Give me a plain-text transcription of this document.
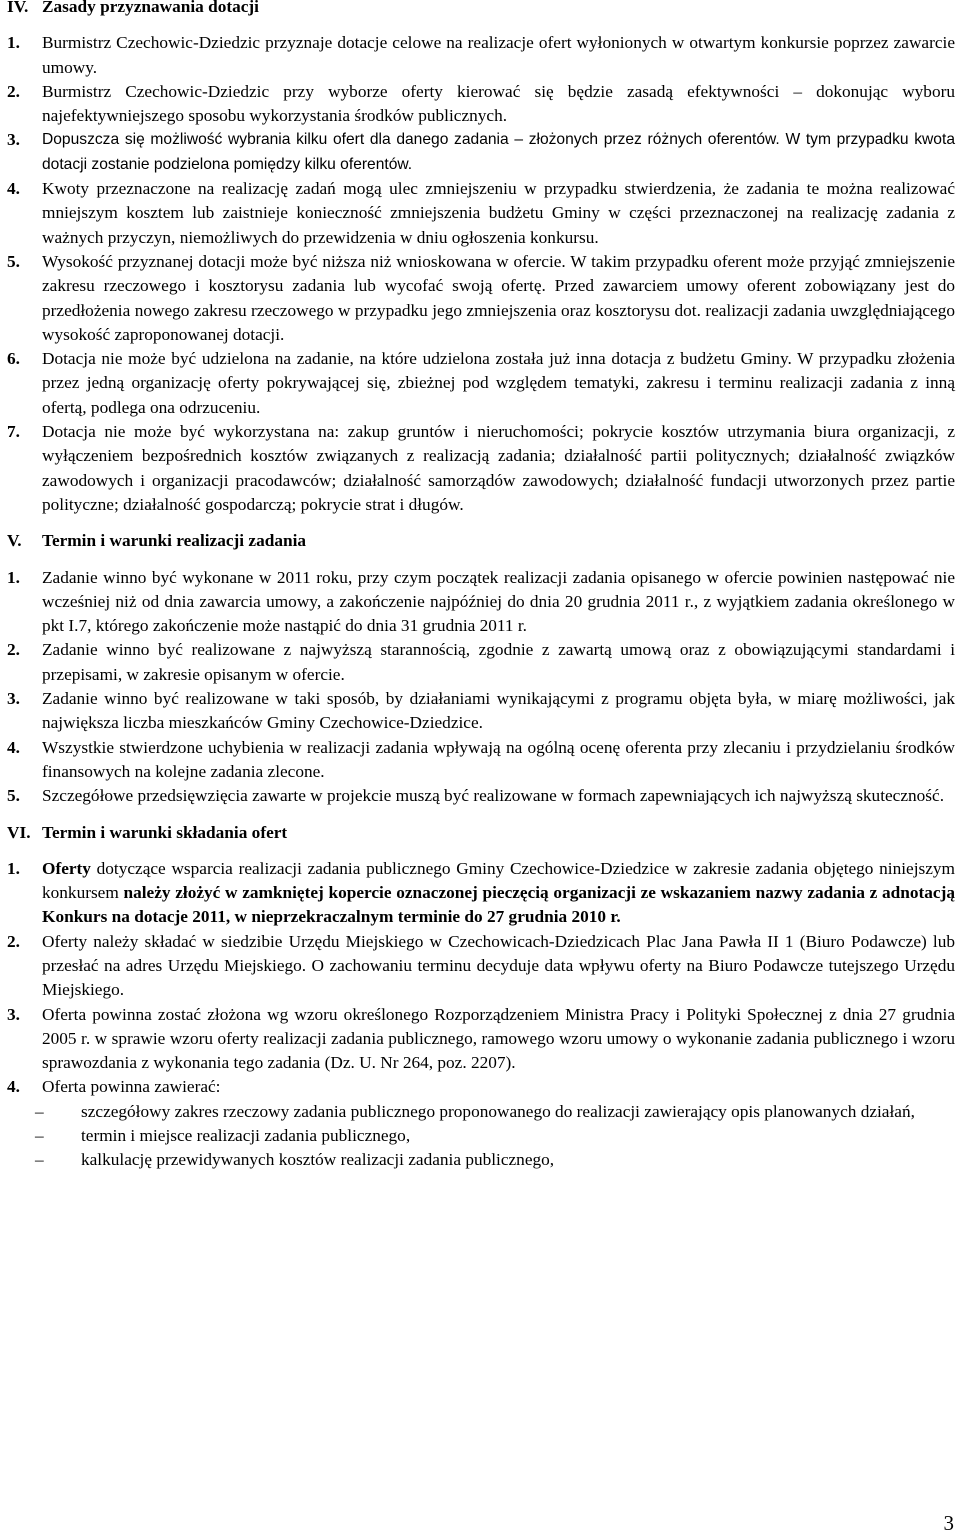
IV. Zasady przyznawania dotacji
1.	Burmistrz Czechowic-Dziedzic przyznaje dotacje celowe na realizacje ofert wyłonionych w otwartym konkursie poprzez zawarcie umowy.
2.	Burmistrz Czechowic-Dziedzic przy wyborze oferty kierować się będzie zasadą efektywności – dokonując wyboru najefektywniejszego sposobu wykorzystania środków publicznych.
3.	Dopuszcza się możliwość wybrania kilku ofert dla danego zadania – złożonych przez różnych oferentów. W tym przypadku kwota dotacji zostanie podzielona pomiędzy kilku oferentów.
4.	Kwoty przeznaczone na realizację zadań mogą ulec zmniejszeniu w przypadku stwierdzenia, że zadania te można realizować mniejszym kosztem lub zaistnieje konieczność zmniejszenia budżetu Gminy w części przeznaczonej na realizację zadania z ważnych przyczyn, niemożliwych do przewidzenia w dniu ogłoszenia konkursu.
5.	Wysokość przyznanej dotacji może być niższa niż wnioskowana w ofercie. W takim przypadku oferent może przyjąć zmniejszenie zakresu rzeczowego i kosztorysu zadania lub wycofać swoją ofertę. Przed zawarciem umowy oferent zobowiązany jest do przedłożenia nowego zakresu rzeczowego w przypadku jego zmniejszenia oraz kosztorysu dot. realizacji zadania uwzględniającego wysokość zaproponowanej dotacji.
6.	Dotacja nie może być udzielona na zadanie, na które udzielona została już inna dotacja z budżetu Gminy. W przypadku złożenia przez jedną organizację oferty pokrywającej się, zbieżnej pod względem tematyki, zakresu i terminu realizacji zadania z inną ofertą, podlega ona odrzuceniu.
7.	Dotacja nie może być wykorzystana na: zakup gruntów i nieruchomości; pokrycie kosztów utrzymania biura organizacji, z wyłączeniem bezpośrednich kosztów związanych z realizacją zadania; działalność partii politycznych; działalność związków zawodowych i organizacji pracodawców; działalność samorządów zawodowych; działalność fundacji utworzonych przez partie polityczne; działalność gospodarczą; pokrycie strat i długów.
V.	Termin i warunki realizacji zadania
1.	Zadanie winno być wykonane w 2011 roku, przy czym początek realizacji zadania opisanego w ofercie powinien następować nie wcześniej niż od dnia zawarcia umowy, a zakończenie najpóźniej do dnia 20 grudnia 2011 r., z wyjątkiem zadania określonego w pkt I.7, którego zakończenie może nastąpić do dnia 31 grudnia 2011 r.
2.	Zadanie winno być realizowane z najwyższą starannością, zgodnie z zawartą umową oraz z obowiązującymi standardami i przepisami, w zakresie opisanym w ofercie.
3.	Zadanie winno być realizowane w taki sposób, by działaniami wynikającymi z programu objęta była, w miarę możliwości, jak największa liczba mieszkańców Gminy Czechowice-Dziedzice.
4.	Wszystkie stwierdzone uchybienia w realizacji zadania wpływają na ogólną ocenę oferenta przy zlecaniu i przydzielaniu środków finansowych na kolejne zadania zlecone.
5.	Szczegółowe przedsięwzięcia zawarte w projekcie muszą być realizowane w formach zapewniających ich najwyższą skuteczność.
VI. Termin i warunki składania ofert
1.	Oferty dotyczące wsparcia realizacji zadania publicznego Gminy Czechowice-Dziedzice w zakresie zadania objętego niniejszym konkursem należy złożyć w zamkniętej kopercie oznaczonej pieczęcią organizacji ze wskazaniem nazwy zadania z adnotacją Konkurs na dotacje 2011, w nieprzekraczalnym terminie do 27 grudnia 2010 r.
2.	Oferty należy składać w siedzibie Urzędu Miejskiego w Czechowicach-Dziedzicach Plac Jana Pawła II 1 (Biuro Podawcze) lub przesłać na adres Urzędu Miejskiego. O zachowaniu terminu decyduje data wpływu oferty na Biuro Podawcze tutejszego Urzędu Miejskiego.
3.	Oferta powinna zostać złożona wg wzoru określonego Rozporządzeniem Ministra Pracy i Polityki Społecznej z dnia 27 grudnia 2005 r. w sprawie wzoru oferty realizacji zadania publicznego, ramowego wzoru umowy o wykonanie zadania publicznego i wzoru sprawozdania z wykonania tego zadania (Dz. U. Nr 264, poz. 2207).
4.	Oferta powinna zawierać:
–	szczegółowy zakres rzeczowy zadania publicznego proponowanego do realizacji zawierający opis planowanych działań,
–	termin i miejsce realizacji zadania publicznego,
–	kalkulację przewidywanych kosztów realizacji zadania publicznego,
3
